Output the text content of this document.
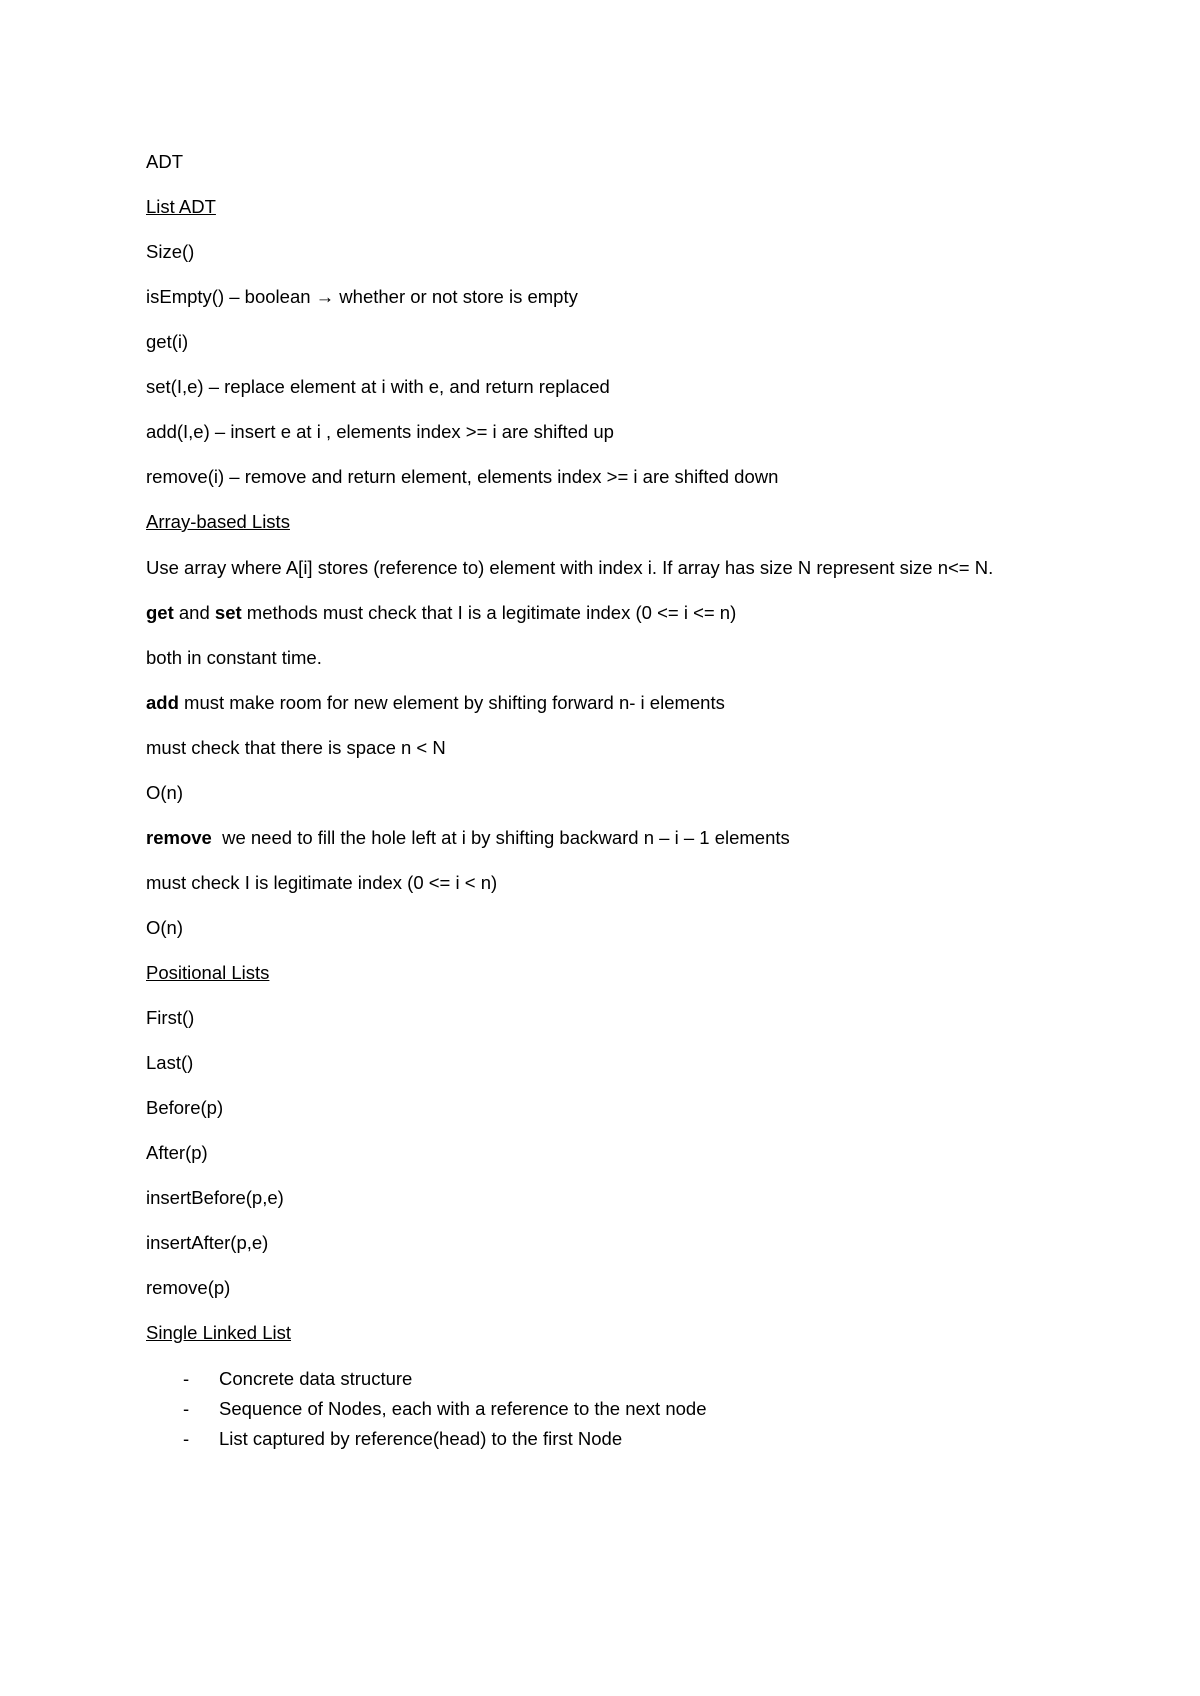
ADT

List ADT

Size()

isEmpty() – boolean → whether or not store is empty

get(i)

set(I,e) – replace element at i with e, and return replaced

add(I,e) – insert e at i , elements index >= i are shifted up

remove(i) – remove and return element, elements index >= i are shifted down

Array-based Lists

Use array where A[i] stores (reference to) element with index i. If array has size N represent size n<= N.

get and set methods must check that I is a legitimate index (0 <= i <= n)

both in constant time.

add must make room for new element by shifting forward n- i elements

must check that there is space n < N

O(n)

remove  we need to fill the hole left at i by shifting backward n – i – 1 elements

must check I is legitimate index (0 <= i < n)

O(n)

Positional Lists

First()

Last()

Before(p)

After(p)

insertBefore(p,e)

insertAfter(p,e)

remove(p)

Single Linked List

- Concrete data structure
- Sequence of Nodes, each with a reference to the next node
- List captured by reference(head) to the first Node
